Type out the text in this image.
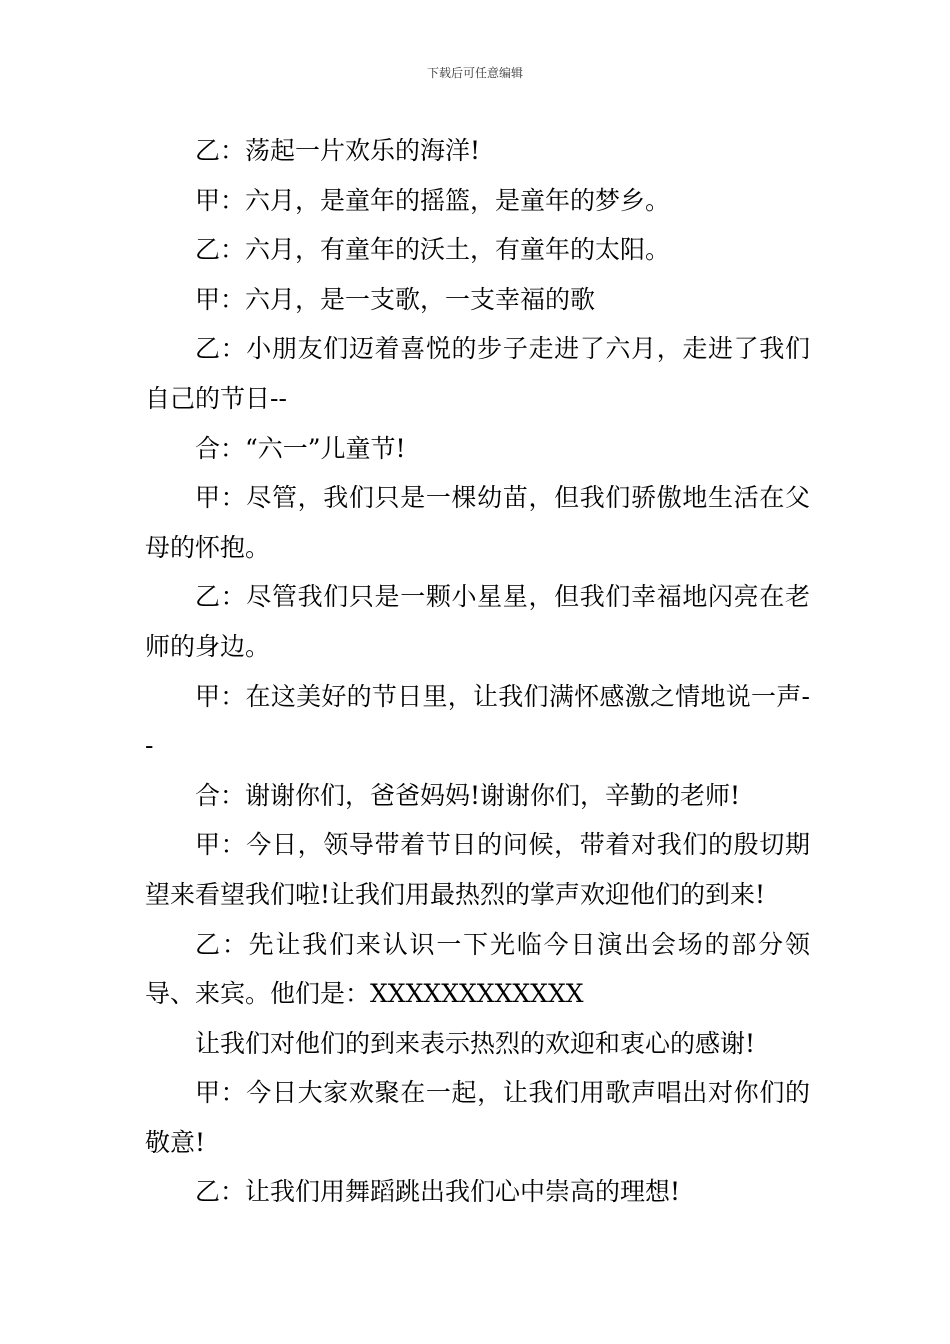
下载后可任意编辑

乙：荡起一片欢乐的海洋!

甲：六月，是童年的摇篮，是童年的梦乡。

乙：六月，有童年的沃土，有童年的太阳。

甲：六月，是一支歌，一支幸福的歌

乙：小朋友们迈着喜悦的步子走进了六月，走进了我们自己的节日--

合：“六一”儿童节!

甲：尽管，我们只是一棵幼苗，但我们骄傲地生活在父母的怀抱。

乙：尽管我们只是一颗小星星，但我们幸福地闪亮在老师的身边。

甲：在这美好的节日里，让我们满怀感激之情地说一声--

合：谢谢你们，爸爸妈妈!谢谢你们，辛勤的老师!

甲：今日，领导带着节日的问候，带着对我们的殷切期望来看望我们啦!让我们用最热烈的掌声欢迎他们的到来!

乙：先让我们来认识一下光临今日演出会场的部分领导、来宾。他们是：XXXXXXXXXXXX

让我们对他们的到来表示热烈的欢迎和衷心的感谢!

甲：今日大家欢聚在一起，让我们用歌声唱出对你们的敬意!

乙：让我们用舞蹈跳出我们心中崇高的理想!
